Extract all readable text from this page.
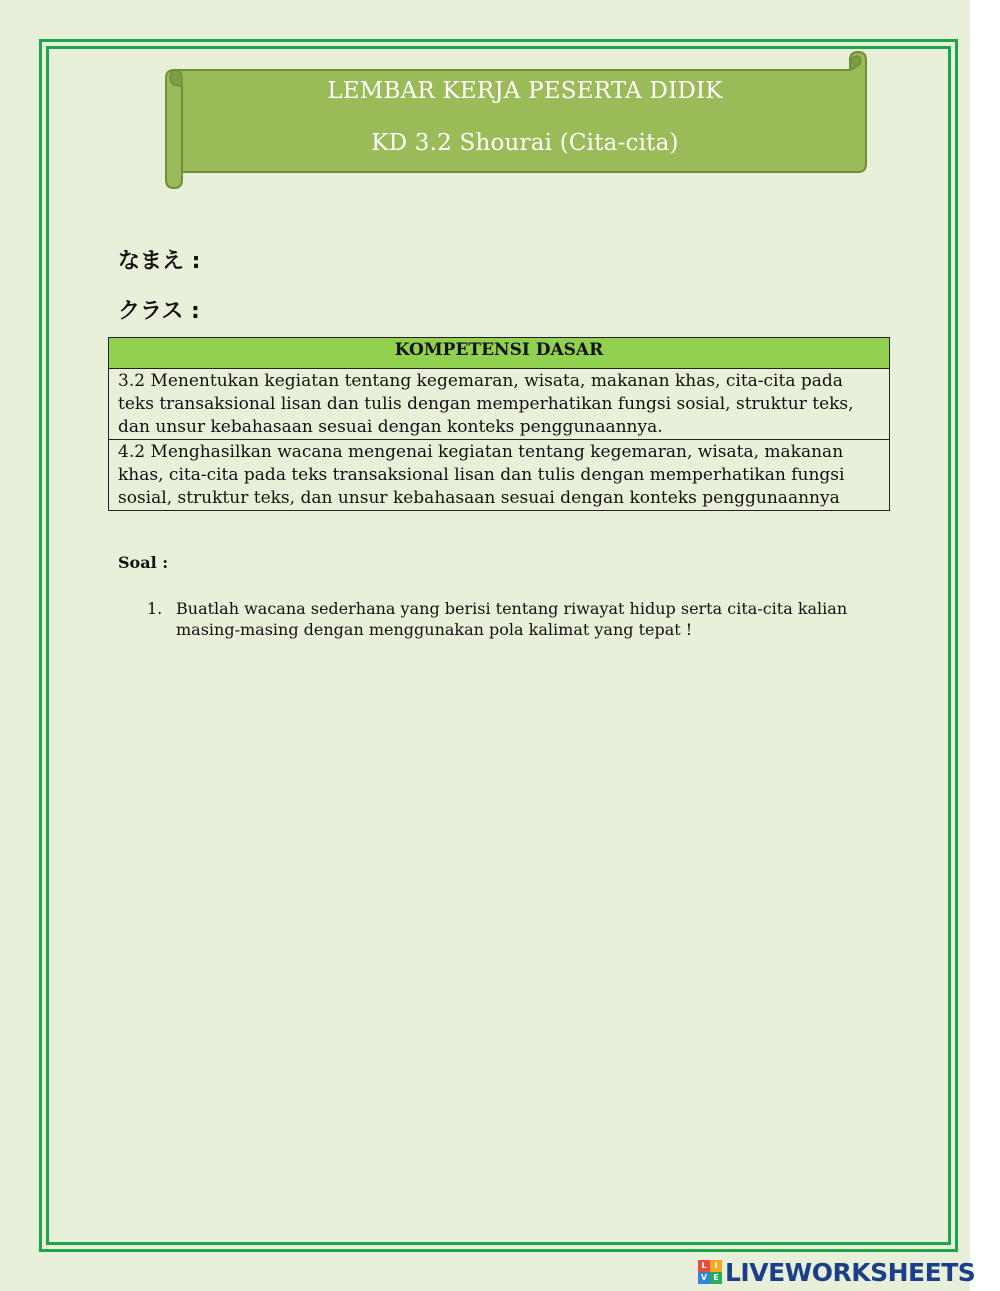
LEMBAR KERJA PESERTA DIDIK
KD 3.2 Shourai (Cita-cita)
なまえ :
クラス :
KOMPETENSI DASAR
3.2 Menentukan kegiatan tentang kegemaran, wisata, makanan khas, cita-cita pada teks transaksional lisan dan tulis dengan memperhatikan fungsi sosial, struktur teks, dan unsur kebahasaan sesuai dengan konteks penggunaannya.
4.2 Menghasilkan wacana mengenai kegiatan tentang kegemaran, wisata, makanan khas, cita-cita pada teks transaksional lisan dan tulis dengan memperhatikan fungsi sosial, struktur teks, dan unsur kebahasaan sesuai dengan konteks penggunaannya
Soal :
1. Buatlah wacana sederhana yang berisi tentang riwayat hidup serta cita-cita kalian masing-masing dengan menggunakan pola kalimat yang tepat !
L I
V E LIVEWORKSHEETS
